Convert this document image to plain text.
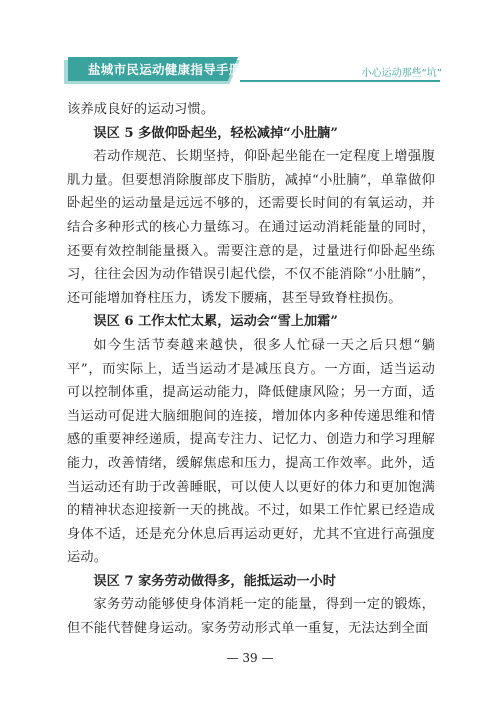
盐城市民运动健康指导手册	小心运动那些“坑”

该养成良好的运动习惯。

误区 5 多做仰卧起坐，轻松减掉“小肚腩”

若动作规范、长期坚持，仰卧起坐能在一定程度上增强腹肌力量。但要想消除腹部皮下脂肪，减掉“小肚腩”，单靠做仰卧起坐的运动量是远远不够的，还需要长时间的有氧运动，并结合多种形式的核心力量练习。在通过运动消耗能量的同时，还要有效控制能量摄入。需要注意的是，过量进行仰卧起坐练习，往往会因为动作错误引起代偿，不仅不能消除“小肚腩”，还可能增加脊柱压力，诱发下腰痛，甚至导致脊柱损伤。

误区 6 工作太忙太累，运动会“雪上加霜”

如今生活节奏越来越快，很多人忙碌一天之后只想“躺平”，而实际上，适当运动才是减压良方。一方面，适当运动可以控制体重，提高运动能力，降低健康风险；另一方面，适当运动可促进大脑细胞间的连接，增加体内多种传递思维和情感的重要神经递质，提高专注力、记忆力、创造力和学习理解能力，改善情绪，缓解焦虑和压力，提高工作效率。此外，适当运动还有助于改善睡眠，可以使人以更好的体力和更加饱满的精神状态迎接新一天的挑战。不过，如果工作忙累已经造成身体不适，还是充分休息后再运动更好，尤其不宜进行高强度运动。

误区 7 家务劳动做得多，能抵运动一小时

家务劳动能够使身体消耗一定的能量，得到一定的锻炼，但不能代替健身运动。家务劳动形式单一重复，无法达到全面

— 39 —
